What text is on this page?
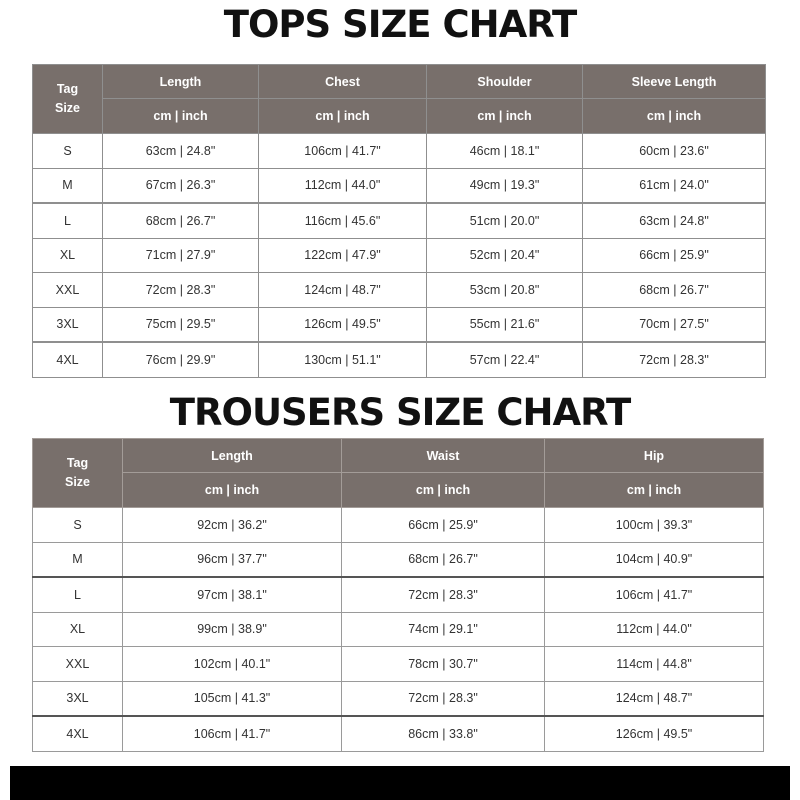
TOPS SIZE CHART
Tag
Size	Length	Chest	Shoulder	Sleeve Length
	cm | inch	cm | inch	cm | inch	cm | inch
S	63cm | 24.8"	106cm | 41.7"	46cm | 18.1"	60cm | 23.6"
M	67cm | 26.3"	112cm | 44.0"	49cm | 19.3"	61cm | 24.0"
L	68cm | 26.7"	116cm | 45.6"	51cm | 20.0"	63cm | 24.8"
XL	71cm | 27.9"	122cm | 47.9"	52cm | 20.4"	66cm | 25.9"
XXL	72cm | 28.3"	124cm | 48.7"	53cm | 20.8"	68cm | 26.7"
3XL	75cm | 29.5"	126cm | 49.5"	55cm | 21.6"	70cm | 27.5"
4XL	76cm | 29.9"	130cm | 51.1"	57cm | 22.4"	72cm | 28.3"
TROUSERS SIZE CHART
Tag
Size	Length	Waist	Hip
	cm | inch	cm | inch	cm | inch
S	92cm | 36.2"	66cm | 25.9"	100cm | 39.3"
M	96cm | 37.7"	68cm | 26.7"	104cm | 40.9"
L	97cm | 38.1"	72cm | 28.3"	106cm | 41.7"
XL	99cm | 38.9"	74cm | 29.1"	112cm | 44.0"
XXL	102cm | 40.1"	78cm | 30.7"	114cm | 44.8"
3XL	105cm | 41.3"	72cm | 28.3"	124cm | 48.7"
4XL	106cm | 41.7"	86cm | 33.8"	126cm | 49.5"
